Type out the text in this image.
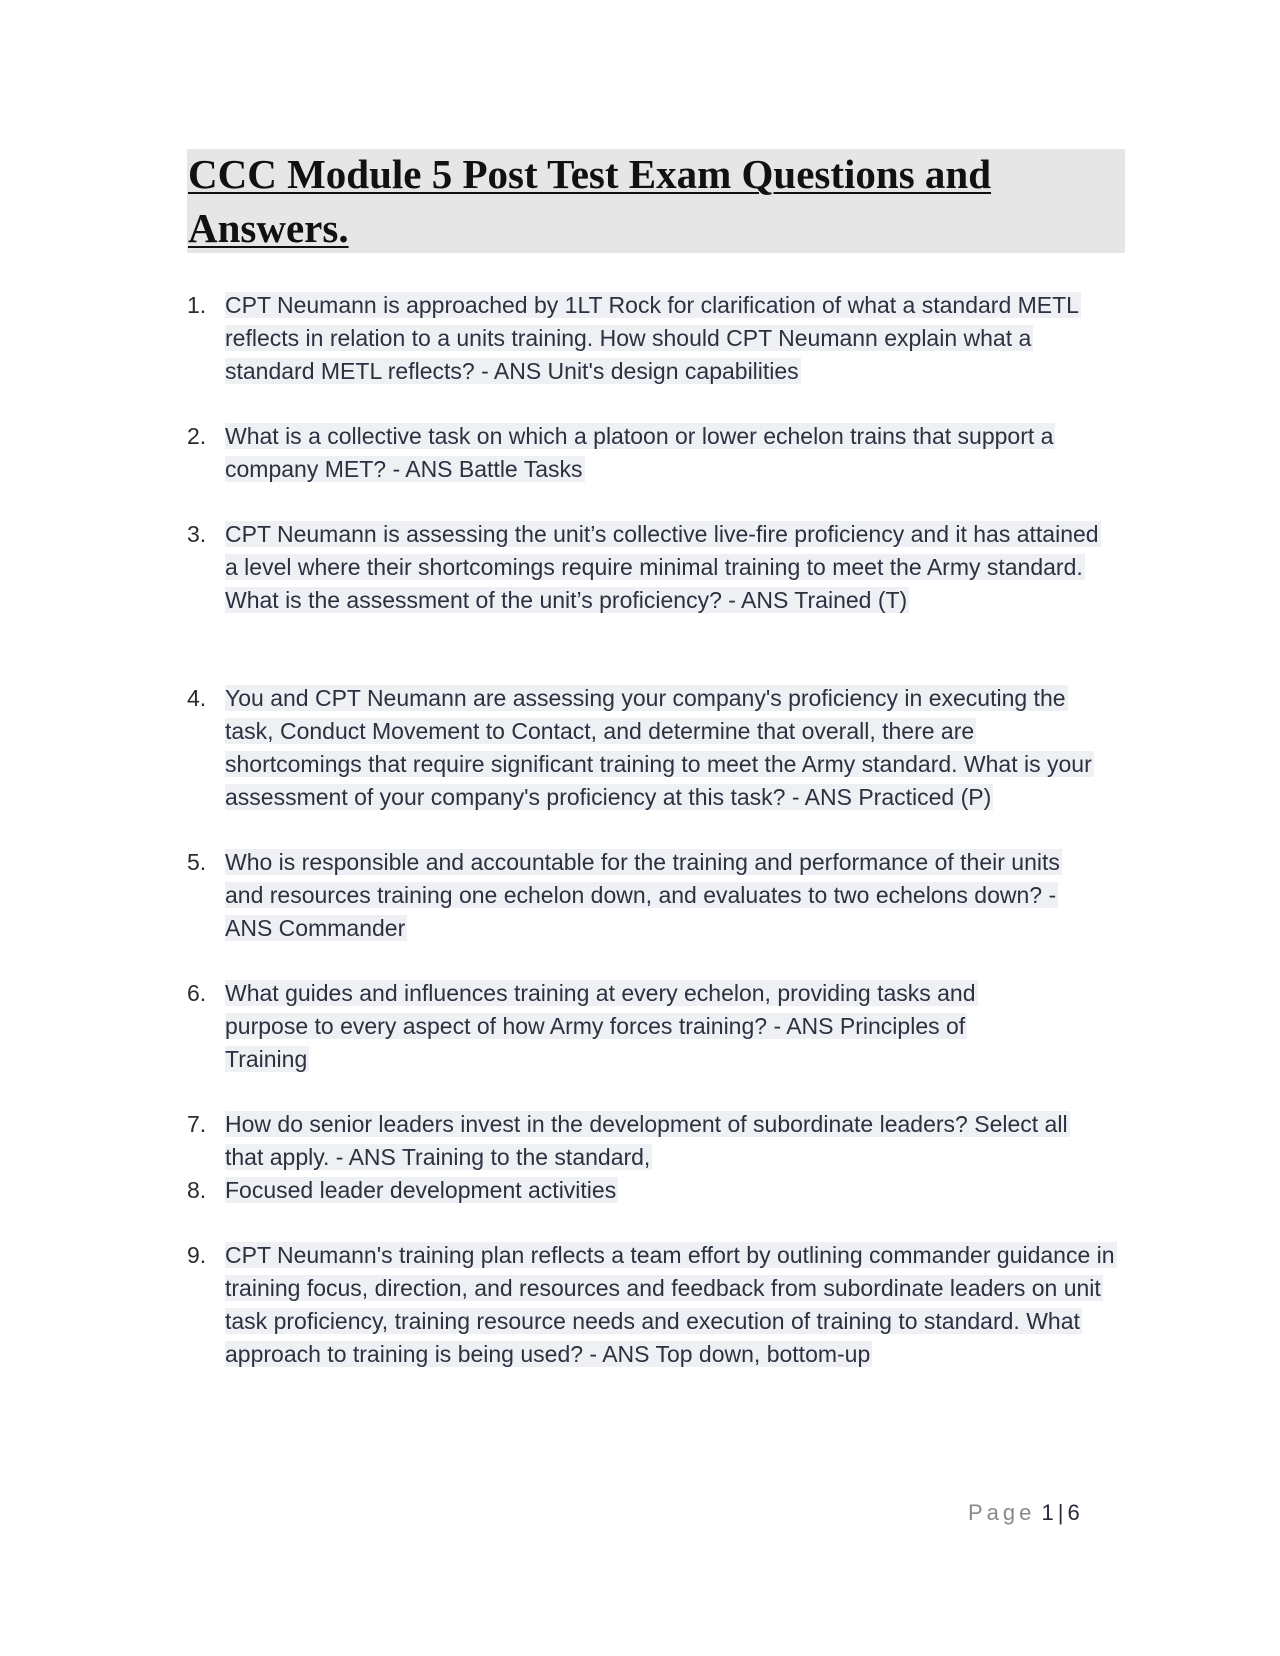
CCC Module 5 Post Test Exam Questions and Answers.
1. CPT Neumann is approached by 1LT Rock for clarification of what a standard METL reflects in relation to a units training. How should CPT Neumann explain what a standard METL reflects? - ANS Unit's design capabilities
2. What is a collective task on which a platoon or lower echelon trains that support a company MET? - ANS Battle Tasks
3. CPT Neumann is assessing the unit’s collective live-fire proficiency and it has attained a level where their shortcomings require minimal training to meet the Army standard. What is the assessment of the unit’s proficiency? - ANS Trained (T)
4. You and CPT Neumann are assessing your company's proficiency in executing the task, Conduct Movement to Contact, and determine that overall, there are shortcomings that require significant training to meet the Army standard. What is your assessment of your company's proficiency at this task? - ANS Practiced (P)
5. Who is responsible and accountable for the training and performance of their units and resources training one echelon down, and evaluates to two echelons down? - ANS Commander
6. What guides and influences training at every echelon, providing tasks and purpose to every aspect of how Army forces training? - ANS Principles of Training
7. How do senior leaders invest in the development of subordinate leaders? Select all that apply. - ANS Training to the standard,
8. Focused leader development activities
9. CPT Neumann's training plan reflects a team effort by outlining commander guidance in training focus, direction, and resources and feedback from subordinate leaders on unit task proficiency, training resource needs and execution of training to standard. What approach to training is being used? - ANS Top down, bottom-up
Page 1 | 6
